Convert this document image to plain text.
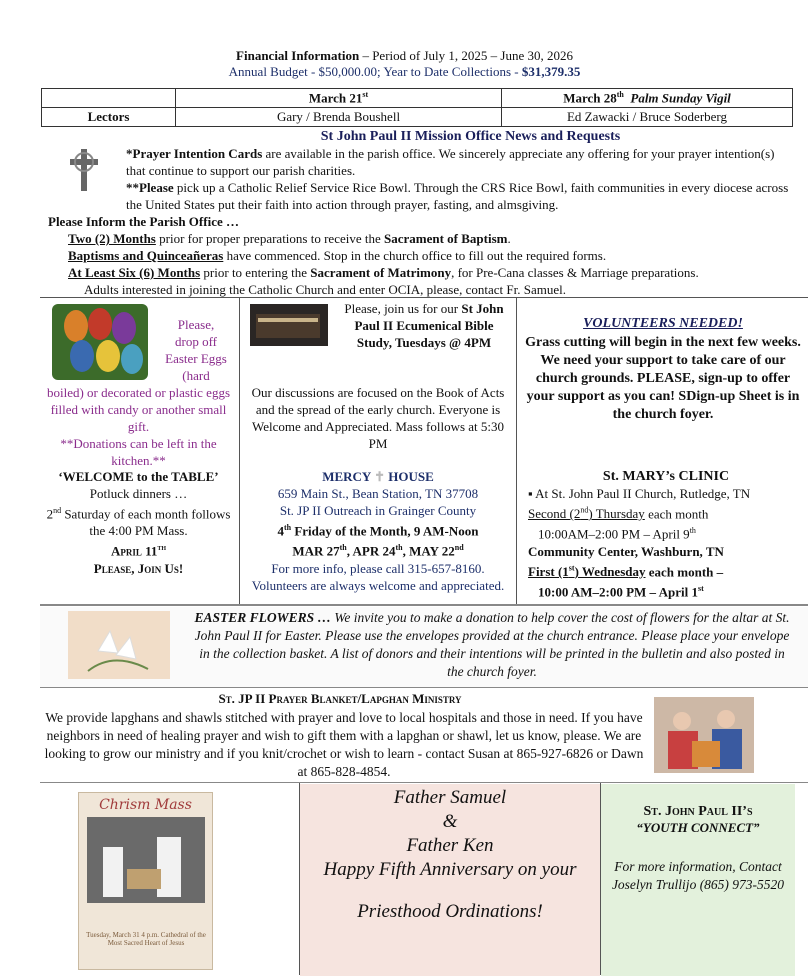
Financial Information – Period of July 1, 2025 – June 30, 2026
Annual Budget - $50,000.00; Year to Date Collections - $31,379.35
	March 21st	March 28th Palm Sunday Vigil
Lectors	Gary / Brenda Boushell	Ed Zawacki / Bruce Soderberg
St John Paul II Mission Office News and Requests

*Prayer Intention Cards are available in the parish office. We sincerely appreciate any offering for your prayer intention(s) that continue to support our parish charities.

**Please pick up a Catholic Relief Service Rice Bowl. Through the CRS Rice Bowl, faith communities in every diocese across the United States put their faith into action through prayer, fasting, and almsgiving.

Please Inform the Parish Office …

Two (2) Months prior for proper preparations to receive the Sacrament of Baptism.

Baptisms and Quinceañeras have commenced. Stop in the church office to fill out the required forms.

At Least Six (6) Months prior to entering the Sacrament of Matrimony, for Pre-Cana classes & Marriage preparations.

Adults interested in joining the Catholic Church and enter OCIA, please, contact Fr. Samuel.

Please,
drop off
Easter Eggs
(hard
boiled) or decorated or plastic eggs filled with candy or another small gift.
**Donations can be left in the kitchen.**
‘WELCOME to the TABLE’
Potluck dinners …
2nd Saturday of each month follows the 4:00 PM Mass.
April 11th
Please, Join Us!
Please, join us for our St John Paul II Ecumenical Bible Study, Tuesdays @ 4PM
Our discussions are focused on the Book of Acts and the spread of the early church. Everyone is Welcome and Appreciated. Mass follows at 5:30 PM
MERCY ✝ HOUSE
659 Main St., Bean Station, TN 37708
St. JP II Outreach in Grainger County
4th Friday of the Month, 9 AM-Noon
MAR 27th, APR 24th, MAY 22nd
For more info, please call 315-657-8160.
Volunteers are always welcome and appreciated.
VOLUNTEERS NEEDED!
Grass cutting will begin in the next few weeks. We need your support to take care of our church grounds. PLEASE, sign-up to offer your support as you can! SDign-up Sheet is in the church foyer.
St. MARY’s CLINIC
▪ At St. John Paul II Church, Rutledge, TN
Second (2nd) Thursday each month
10:00AM–2:00 PM – April 9th
Community Center, Washburn, TN
First (1st) Wednesday each month –
10:00 AM–2:00 PM – April 1st
EASTER FLOWERS … We invite you to make a donation to help cover the cost of flowers for the altar at St. John Paul II for Easter. Please use the envelopes provided at the church entrance. Please place your envelope in the collection basket. A list of donors and their intentions will be printed in the bulletin and also posted in the church foyer.
St. JP II Prayer Blanket/Lapghan Ministry
We provide lapghans and shawls stitched with prayer and love to local hospitals and those in need. If you have neighbors in need of healing prayer and wish to gift them with a lapghan or shawl, let us know, please. We are looking to grow our ministry and if you knit/crochet or wish to learn - contact Susan at 865-927-6826 or Dawn at 865-828-4854.
Chrism Mass
Tuesday, March 31 4 p.m. Cathedral of the Most Sacred Heart of Jesus
Father Samuel
&
Father Ken
Happy Fifth Anniversary on your
Priesthood Ordinations!
St. John Paul II’s
“YOUTH CONNECT”
For more information, Contact Joselyn Trullijo (865) 973-5520
